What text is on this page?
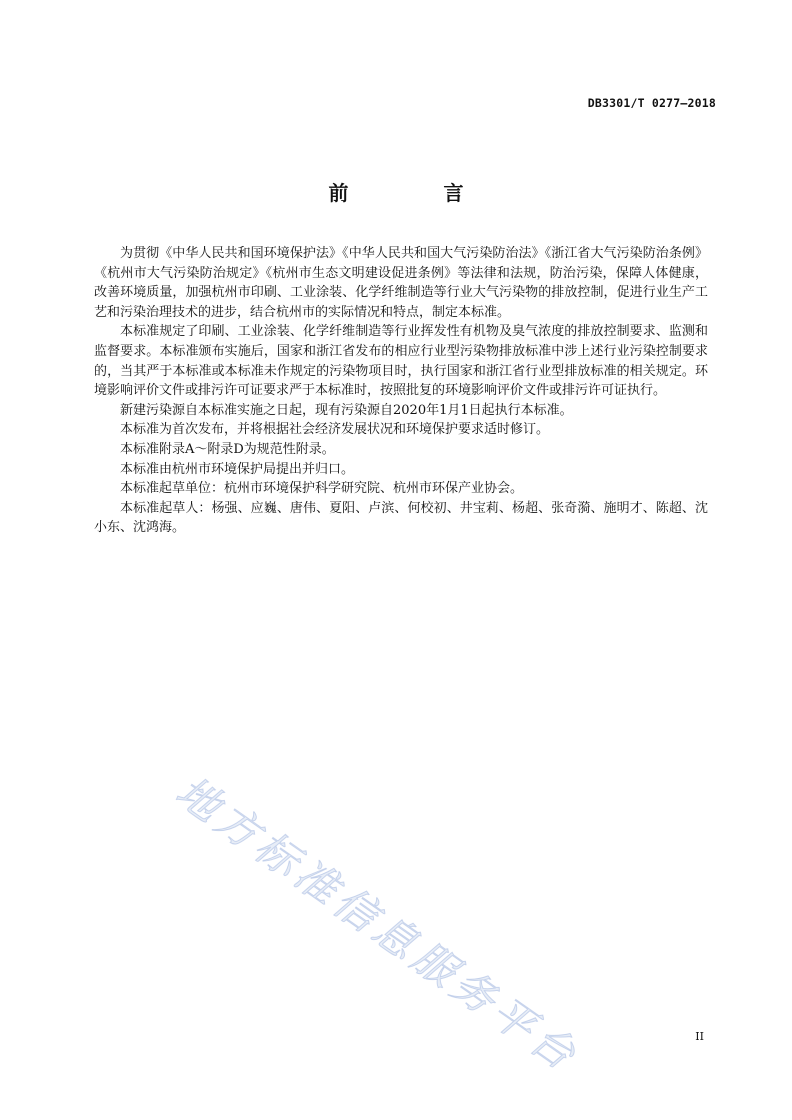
DB3301/T 0277—2018
前 言

为贯彻《中华人民共和国环境保护法》《中华人民共和国大气污染防治法》《浙江省大气污染防治条例》《杭州市大气污染防治规定》《杭州市生态文明建设促进条例》等法律和法规，防治污染，保障人体健康，改善环境质量，加强杭州市印刷、工业涂装、化学纤维制造等行业大气污染物的排放控制，促进行业生产工艺和污染治理技术的进步，结合杭州市的实际情况和特点，制定本标准。

本标准规定了印刷、工业涂装、化学纤维制造等行业挥发性有机物及臭气浓度的排放控制要求、监测和监督要求。本标准颁布实施后，国家和浙江省发布的相应行业型污染物排放标准中涉上述行业污染控制要求的，当其严于本标准或本标准未作规定的污染物项目时，执行国家和浙江省行业型排放标准的相关规定。环境影响评价文件或排污许可证要求严于本标准时，按照批复的环境影响评价文件或排污许可证执行。

新建污染源自本标准实施之日起，现有污染源自2020年1月1日起执行本标准。

本标准为首次发布，并将根据社会经济发展状况和环境保护要求适时修订。

本标准附录A～附录D为规范性附录。

本标准由杭州市环境保护局提出并归口。

本标准起草单位：杭州市环境保护科学研究院、杭州市环保产业协会。

本标准起草人：杨强、应巍、唐伟、夏阳、卢滨、何校初、井宝莉、杨超、张奇漪、施明才、陈超、沈小东、沈鸿海。

地方标准信息服务平台	II
